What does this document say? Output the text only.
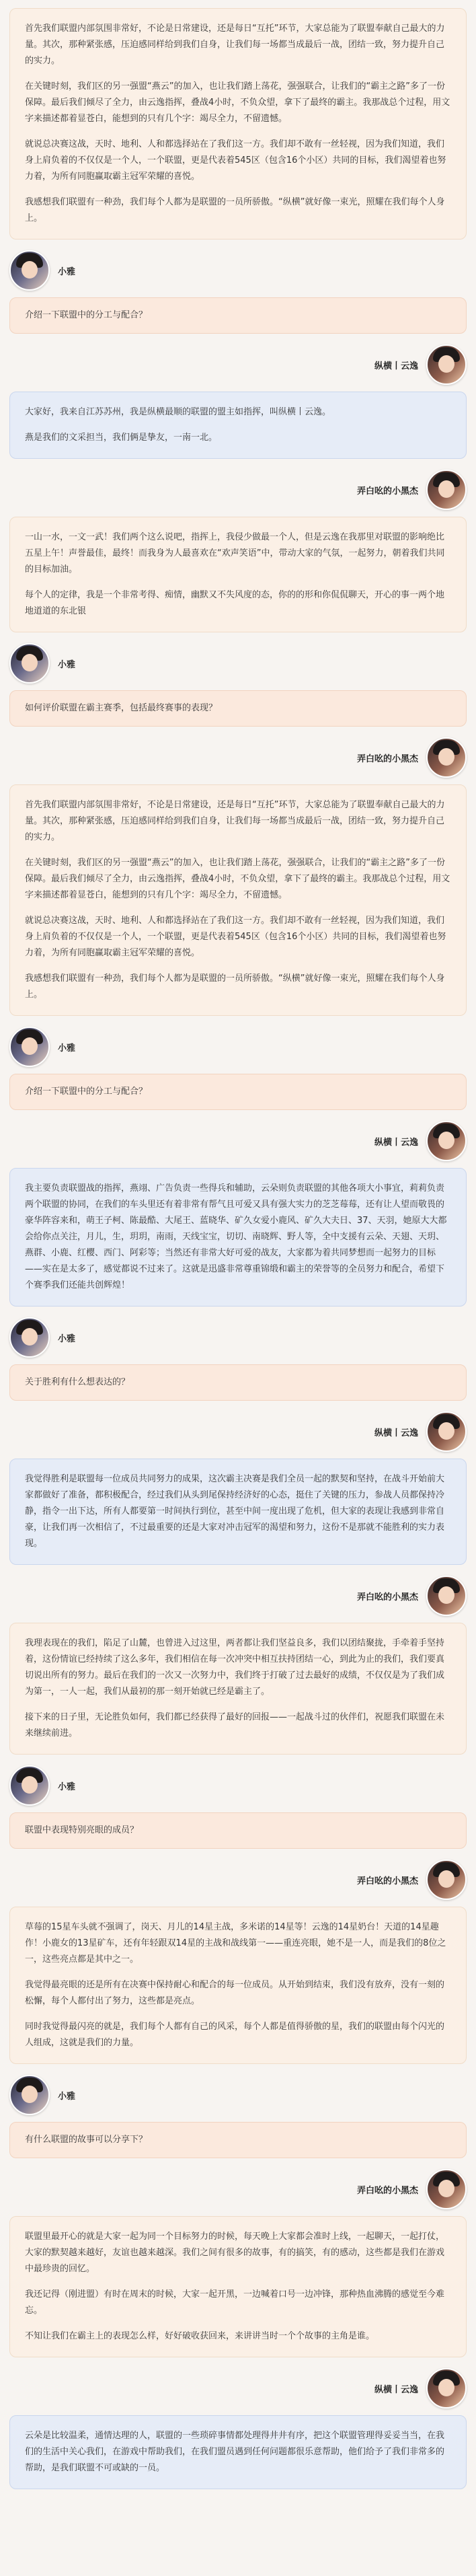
首先我们联盟内部氛围非常好，不论是日常建设，还是每日“互托”环节，大家总能为了联盟奉献自己最大的力量。其次，那种紧张感，压迫感同样给到我们自身，让我们每一场都当成最后一战，团结一致，努力提升自己的实力。

在关键时刻，我们区的另一强盟“燕云”的加入，也让我们踏上荡花，强强联合，让我们的“霸主之路”多了一份保障。最后我们倾尽了全力，由云逸指挥，叠战4小时，不负众望，拿下了最终的霸主。我那战总个过程，用文字来描述都着显苍白，能想到的只有几个字：竭尽全力，不留遗憾。

就说总决赛这战，天时、地利、人和都选择站在了我们这一方。我们却不敢有一丝轻视，因为我们知道，我们身上肩负着的不仅仅是一个人，一个联盟，更是代表着545区（包含16个小区）共同的目标，我们渴望着也努力着，为所有同胞赢取霸主冠军荣耀的喜悦。

我感想我们联盟有一种劲，我们每个人都为是联盟的一员所骄傲。“纵横”就好像一束光，照耀在我们每个人身上。

小雅
介绍一下联盟中的分工与配合？
纵横丨云逸

大家好，我来自江苏苏州，我是纵横最顺的联盟的盟主如指挥，叫纵横丨云逸。

燕是我们的文采担当，我们俩是挚友，一南一北。

弄白吆的小黑杰

一山一水，一文一武！我们两个这么说吧，指挥上，我侵少做最一个人，但是云逸在我那里对联盟的影响绝比五星上午！声誉最佳，最终！而我身为人最喜欢在“欢声笑语”中，带动大家的气氛，一起努力，朝着我们共同的目标加油。

每个人的定律，我是一个非常考得、痴情，幽默又不失风度的态，你的的形和你侃侃聊天，开心的事一两个地地道道的东北银

小雅
如何评价联盟在霸主赛季，包括最终赛事的表现？
弄白吆的小黑杰

首先我们联盟内部氛围非常好，不论是日常建设，还是每日“互托”环节，大家总能为了联盟奉献自己最大的力量。其次，那种紧张感，压迫感同样给到我们自身，让我们每一场都当成最后一战，团结一致，努力提升自己的实力。

在关键时刻，我们区的另一强盟“燕云”的加入，也让我们踏上荡花，强强联合，让我们的“霸主之路”多了一份保障。最后我们倾尽了全力，由云逸指挥，叠战4小时，不负众望，拿下了最终的霸主。我那战总个过程，用文字来描述都着显苍白，能想到的只有几个字：竭尽全力，不留遗憾。

就说总决赛这战，天时、地利、人和都选择站在了我们这一方。我们却不敢有一丝轻视，因为我们知道，我们身上肩负着的不仅仅是一个人，一个联盟，更是代表着545区（包含16个小区）共同的目标，我们渴望着也努力着，为所有同胞赢取霸主冠军荣耀的喜悦。

我感想我们联盟有一种劲，我们每个人都为是联盟的一员所骄傲。“纵横”就好像一束光，照耀在我们每个人身上。

小雅
介绍一下联盟中的分工与配合？
纵横丨云逸

我主要负责联盟战的指挥，燕翊、广告负责一些得兵和辅助，云朵则负责联盟的其他各项大小事宜，莉莉负责两个联盟的协同，在我们的车头里还有着非常有帮气且可爱又具有强大实力的芝芝莓莓，还有让人望而敬畏的豪华阵容来和，萌王子柯、陈最酷、大尾王、蓝晓华、矿久女爱小鹿风、矿久大夫日、37、天羽，她原大大都会给你点关注，月儿，生，玥玥，南雨，天线宝宝，切切、南晓辉、野人等，全中支援有云朵、天翅、天玥、燕群、小鹿、红樱、西门、阿彩等；当然还有非常大好可爱的战友，大家都为着共同梦想而一起努力的目标——实在是太多了，感觉都说不过来了。这就是迅盛非常尊重锦缎和霸主的荣誉等的全员努力和配合，希望下个赛季我们还能共创辉煌！

小雅
关于胜利有什么想表达的？
纵横丨云逸

我觉得胜利是联盟每一位成员共同努力的成果，这次霸主决赛是我们全员一起的默契和坚持，在战斗开始前大家都做好了准备，都积极配合，经过我们从头到尾保持经济好的心态，挺住了关键的压力，参战人员都保持冷静，指令一出下达，所有人都要第一时间执行到位，甚至中间一度出现了危机，但大家的表现让我感到非常自豪，让我们再一次相信了，不过最重要的还是大家对冲击冠军的渴望和努力，这份不是那就不能胜利的实力表现。

弄白吆的小黑杰

我理表现在的我们，陷足了山麓，也曾进入过这里，两者都让我们坚益良多，我们以团结聚拢，手牵着手坚持着，这份情谊已经持续了这么多年，我们相信在每一次冲突中相互扶持团结一心，到此为止的我们，我们要真切说出所有的努力。最后在我们的一次又一次努力中，我们终于打破了过去最好的成绩，不仅仅是为了我们成为第一，一人一起，我们从最初的那一刻开始就已经是霸主了。

接下来的日子里，无论胜负如何，我们都已经获得了最好的回报——一起战斗过的伙伴们，祝愿我们联盟在未来继续前进。

小雅
联盟中表现特别亮眼的成员？
弄白吆的小黑杰

草莓的15星车头就不强调了，岗天、月儿的14星主战，多米诺的14星等！云逸的14星奶台！天道的14星趣作！小鹿女的13星矿车，还有年轻跟双14星的主战和战线第一——重连亮眼，她不是一人，而是我们的8位之一，这些亮点都是其中之一。

我觉得最亮眼的还是所有在决赛中保持耐心和配合的每一位成员。从开始到结束，我们没有放弃，没有一刻的松懈，每个人都付出了努力，这些都是亮点。

同时我觉得最闪亮的就是，我们每个人都有自己的风采，每个人都是值得骄傲的星，我们的联盟由每个闪光的人组成，这就是我们的力量。

小雅
有什么联盟的故事可以分享下？
弄白吆的小黑杰

联盟里最开心的就是大家一起为同一个目标努力的时候，每天晚上大家都会准时上线，一起聊天，一起打仗，大家的默契越来越好，友谊也越来越深。我们之间有很多的故事，有的搞笑，有的感动，这些都是我们在游戏中最珍贵的回忆。

我还记得（刚进盟）有时在周末的时候，大家一起开黑，一边喊着口号一边冲锋，那种热血沸腾的感觉至今难忘。

不知让我们在霸主上的表现怎么样，好好破收获回来，来讲讲当时一个个故事的主角是谁。

纵横丨云逸

云朵是比较温柔，通情达理的人，联盟的一些琐碎事情都处理得井井有序，把这个联盟管理得妥妥当当，在我们的生活中关心我们，在游戏中帮助我们，在我们盟员遇到任何问题都很乐意帮助，他们给予了我们非常多的帮助，是我们联盟不可或缺的一员。
